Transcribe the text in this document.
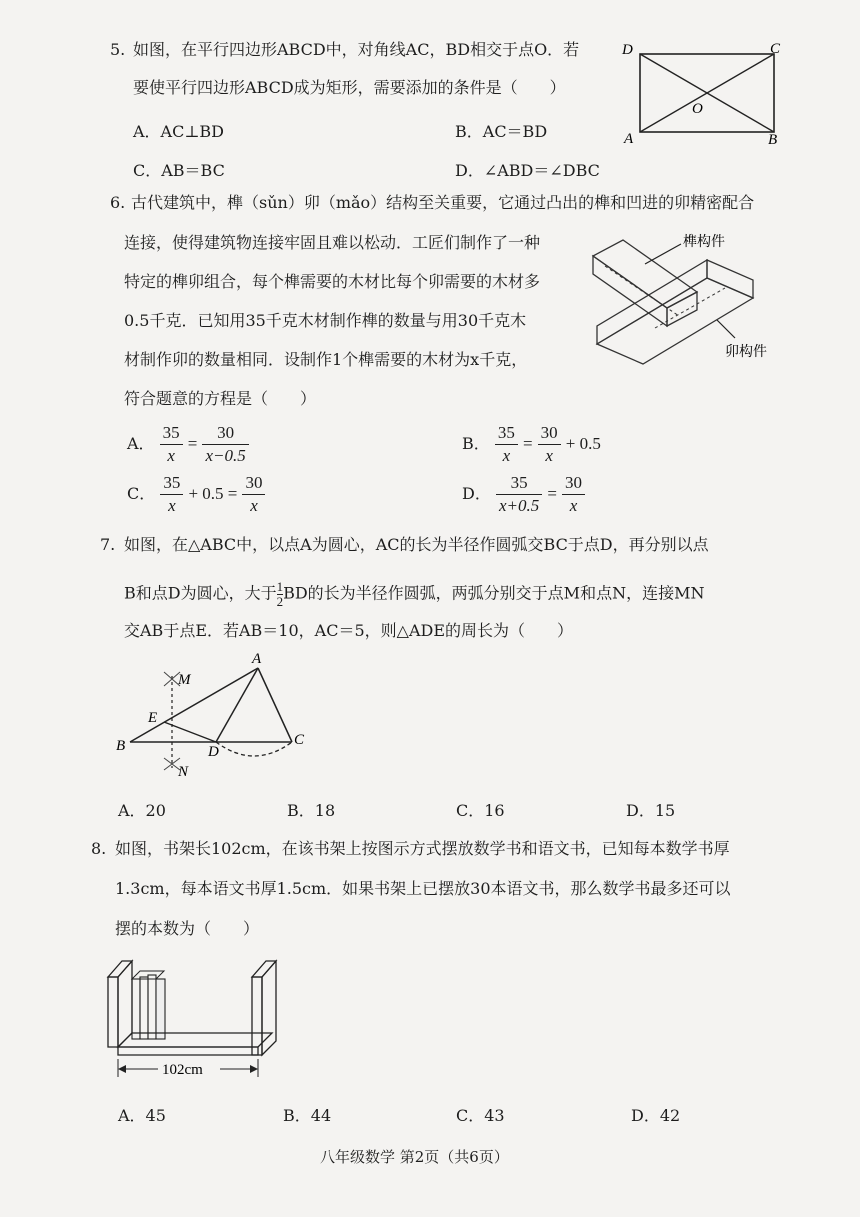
5. 如图，在平行四边形ABCD中，对角线AC，BD相交于点O．若
要使平行四边形ABCD成为矩形，需要添加的条件是（　　）
A．AC⊥BD	B．AC＝BD
C．AB＝BC	D．∠ABD＝∠DBC
D	C
A	B
O
6. 古代建筑中，榫（sǔn）卯（mǎo）结构至关重要，它通过凸出的榫和凹进的卯精密配合
连接，使得建筑物连接牢固且难以松动．工匠们制作了一种
特定的榫卯组合，每个榫需要的木材比每个卯需要的木材多
0.5千克．已知用35千克木材制作榫的数量与用30千克木
材制作卯的数量相同．设制作1个榫需要的木材为x千克，
符合题意的方程是（　　）
榫构件
卯构件
A． $\frac{35}{x} = \frac{30}{x-0.5}$	B． $\frac{35}{x} = \frac{30}{x} + 0.5$
C． $\frac{35}{x} + 0.5 = \frac{30}{x}$	D． $\frac{35}{x+0.5} = \frac{30}{x}$
7. 如图，在△ABC中，以点A为圆心，AC的长为半径作圆弧交BC于点D，再分别以点
B和点D为圆心，大于 $\frac{1}{2}$ BD的长为半径作圆弧，两弧分别交于点M和点N，连接MN
交AB于点E．若AB＝10，AC＝5，则△ADE的周长为（　　）
A
B	C
D
E
M
N
A．20	B．18	C．16	D．15
8. 如图，书架长102cm，在该书架上按图示方式摆放数学书和语文书，已知每本数学书厚
1.3cm，每本语文书厚1.5cm．如果书架上已摆放30本语文书，那么数学书最多还可以
摆的本数为（　　）
102cm
A．45	B．44	C．43	D．42
八年级数学 第2页（共6页）
